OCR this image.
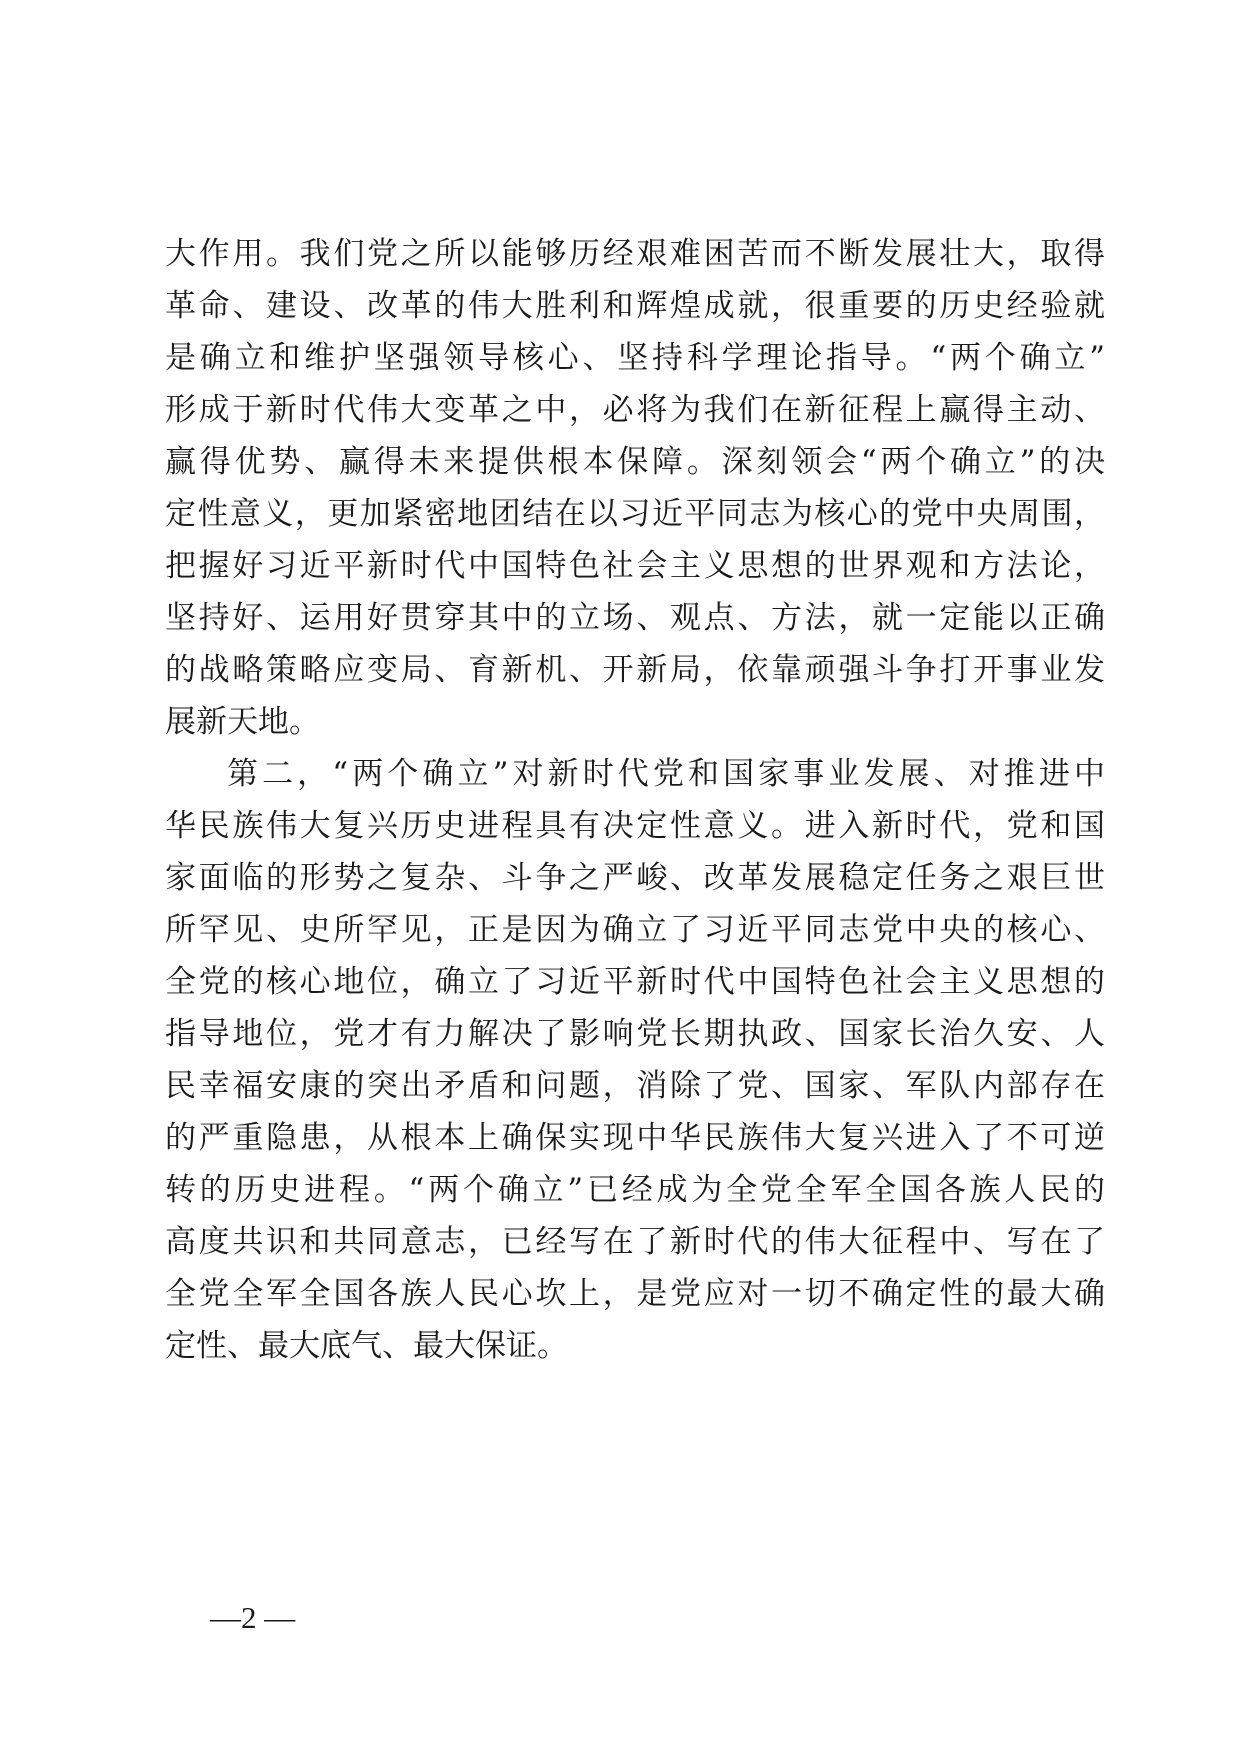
大作用。我们党之所以能够历经艰难困苦而不断发展壮大，取得
革命、建设、改革的伟大胜利和辉煌成就，很重要的历史经验就
是确立和维护坚强领导核心、坚持科学理论指导。“两个确立”
形成于新时代伟大变革之中，必将为我们在新征程上赢得主动、
赢得优势、赢得未来提供根本保障。深刻领会“两个确立”的决
定性意义，更加紧密地团结在以习近平同志为核心的党中央周围，
把握好习近平新时代中国特色社会主义思想的世界观和方法论，
坚持好、运用好贯穿其中的立场、观点、方法，就一定能以正确
的战略策略应变局、育新机、开新局，依靠顽强斗争打开事业发
展新天地。
第二，“两个确立”对新时代党和国家事业发展、对推进中
华民族伟大复兴历史进程具有决定性意义。进入新时代，党和国
家面临的形势之复杂、斗争之严峻、改革发展稳定任务之艰巨世
所罕见、史所罕见，正是因为确立了习近平同志党中央的核心、
全党的核心地位，确立了习近平新时代中国特色社会主义思想的
指导地位，党才有力解决了影响党长期执政、国家长治久安、人
民幸福安康的突出矛盾和问题，消除了党、国家、军队内部存在
的严重隐患，从根本上确保实现中华民族伟大复兴进入了不可逆
转的历史进程。“两个确立”已经成为全党全军全国各族人民的
高度共识和共同意志，已经写在了新时代的伟大征程中、写在了
全党全军全国各族人民心坎上，是党应对一切不确定性的最大确
定性、最大底气、最大保证。
—2 —
